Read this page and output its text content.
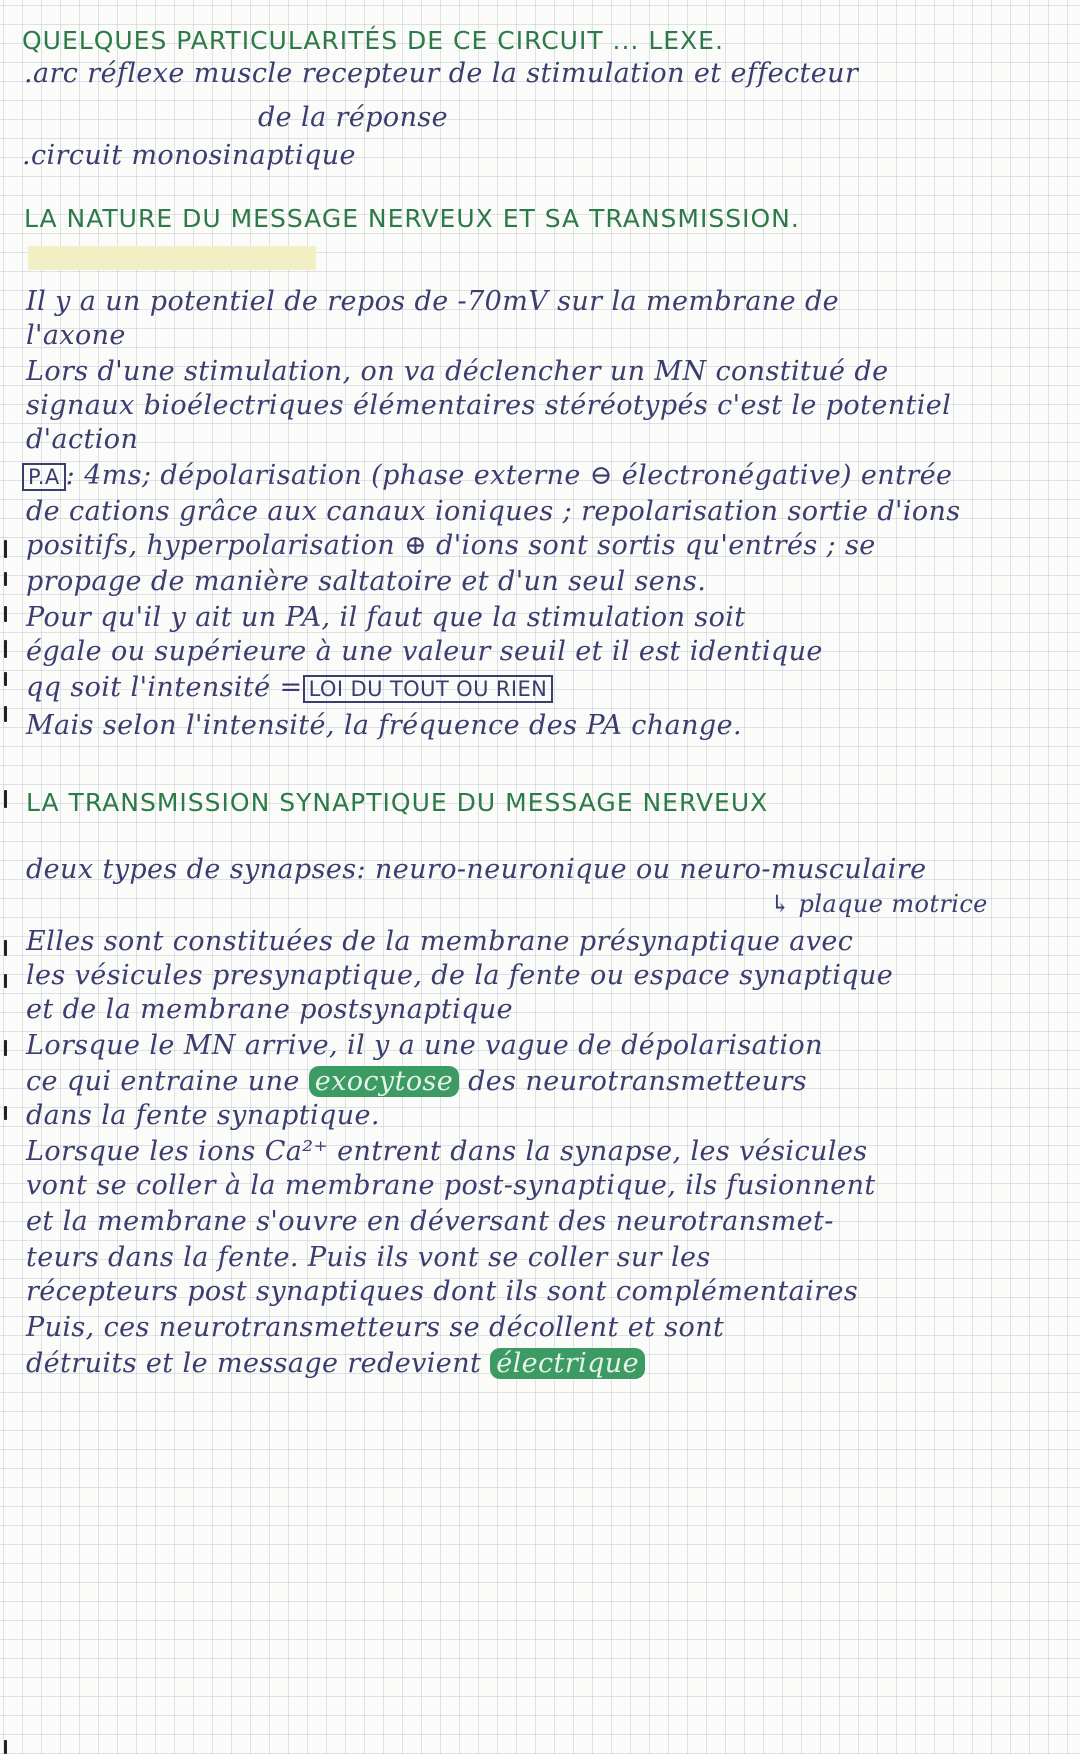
QUELQUES PARTICULARITÉS DE CE CIRCUIT ... LEXE.
.arc réflexe muscle recepteur de la stimulation et effecteur
de la réponse
.circuit monosinaptique
LA NATURE DU MESSAGE NERVEUX ET SA TRANSMISSION.
Il y a un potentiel de repos de -70mV sur la membrane de
l'axone
Lors d'une stimulation, on va déclencher un MN constitué de
signaux bioélectriques élémentaires stéréotypés c'est le potentiel
d'action
P.A : 4ms; dépolarisation (phase externe ⊖ électronégative) entrée
de cations grâce aux canaux ioniques ; repolarisation sortie d'ions
positifs, hyperpolarisation ⊕ d'ions sont sortis qu'entrés ; se
propage de manière saltatoire et d'un seul sens.
Pour qu'il y ait un PA, il faut que la stimulation soit
égale ou supérieure à une valeur seuil et il est identique
qq soit l'intensité = LOI DU TOUT OU RIEN
Mais selon l'intensité, la fréquence des PA change.
LA TRANSMISSION SYNAPTIQUE DU MESSAGE NERVEUX
deux types de synapses: neuro-neuronique ou neuro-musculaire
↳ plaque motrice
Elles sont constituées de la membrane présynaptique avec
les vésicules presynaptique, de la fente ou espace synaptique
et de la membrane postsynaptique
Lorsque le MN arrive, il y a une vague de dépolarisation
ce qui entraine une exocytose des neurotransmetteurs
dans la fente synaptique.
Lorsque les ions Ca²⁺ entrent dans la synapse, les vésicules
vont se coller à la membrane post-synaptique, ils fusionnent
et la membrane s'ouvre en déversant des neurotransmet-
teurs dans la fente. Puis ils vont se coller sur les
récepteurs post synaptiques dont ils sont complémentaires
Puis, ces neurotransmetteurs se décollent et sont
détruits et le message redevient électrique
